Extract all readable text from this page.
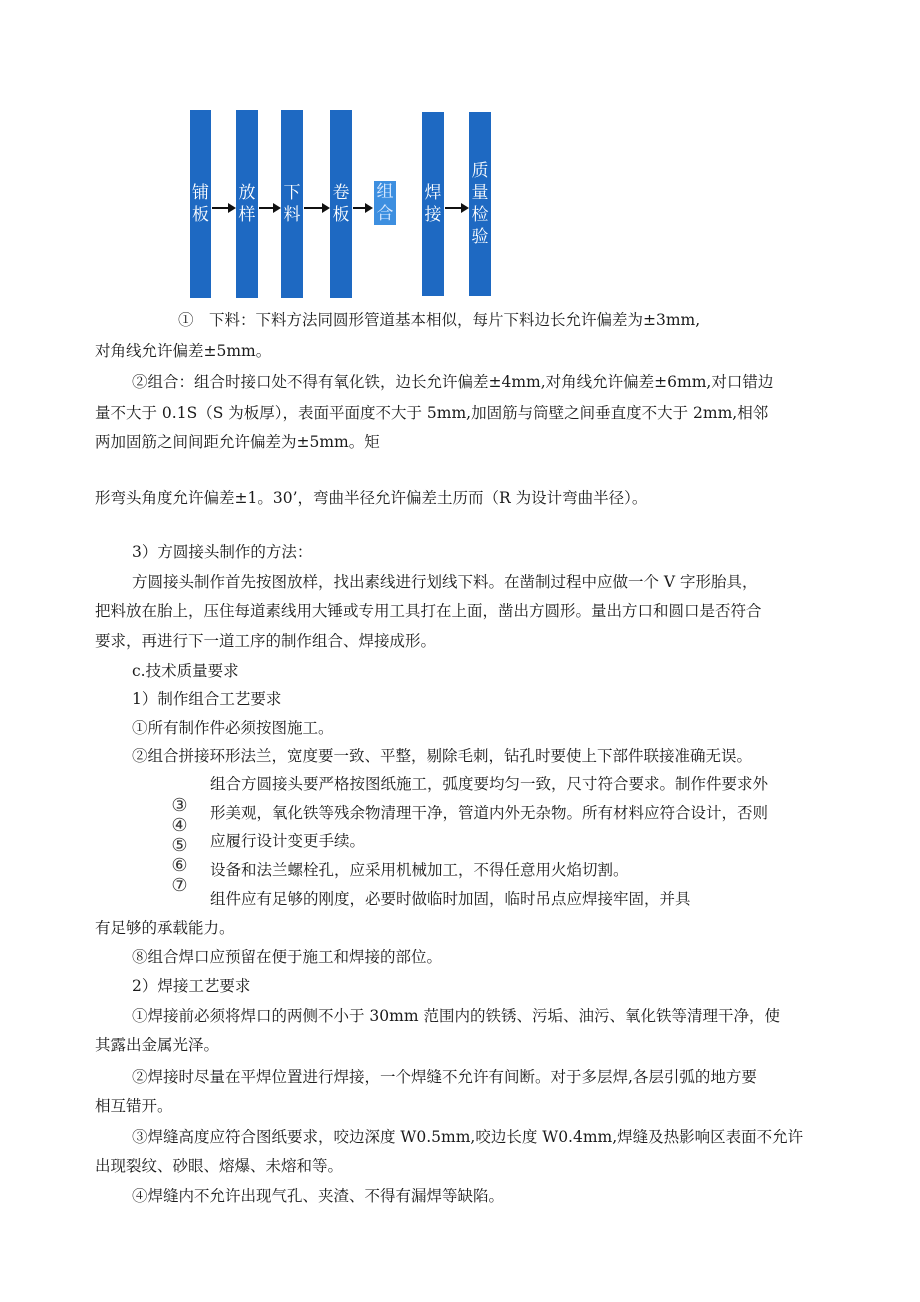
铺板
放样
下料
卷板
组合
焊接
质量检验
①　下料：下料方法同圆形管道基本相似，每片下料边长允许偏差为±3mm,
对角线允许偏差±5mm。
②组合：组合时接口处不得有氧化铁，边长允许偏差±4mm,对角线允许偏差±6mm,对口错边
量不大于 0.1S（S 为板厚），表面平面度不大于 5mm,加固筋与筒壁之间垂直度不大于 2mm,相邻
两加固筋之间间距允许偏差为±5mm。矩
形弯头角度允许偏差±1。30’，弯曲半径允许偏差土历而（R 为设计弯曲半径）。
3）方圆接头制作的方法：
方圆接头制作首先按图放样，找出素线进行划线下料。在凿制过程中应做一个 V 字形胎具，
把料放在胎上，压住每道素线用大锤或专用工具打在上面，凿出方圆形。量出方口和圆口是否符合
要求，再进行下一道工序的制作组合、焊接成形。
c.技术质量要求
1）制作组合工艺要求
①所有制作件必须按图施工。
②组合拼接环形法兰，宽度要一致、平整，剔除毛刺，钻孔时要使上下部件联接准确无误。
③④⑤⑥⑦
组合方圆接头要严格按图纸施工，弧度要均匀一致，尺寸符合要求。制作件要求外
形美观，氧化铁等残余物清理干净，管道内外无杂物。所有材料应符合设计，否则
应履行设计变更手续。
设备和法兰螺栓孔，应采用机械加工，不得任意用火焰切割。
组件应有足够的刚度，必要时做临时加固，临时吊点应焊接牢固，并具
有足够的承载能力。
⑧组合焊口应预留在便于施工和焊接的部位。
2）焊接工艺要求
①焊接前必须将焊口的两侧不小于 30mm 范围内的铁锈、污垢、油污、氧化铁等清理干净，使
其露出金属光泽。
②焊接时尽量在平焊位置进行焊接，一个焊缝不允许有间断。对于多层焊,各层引弧的地方要
相互错开。
③焊缝高度应符合图纸要求，咬边深度 W0.5mm,咬边长度 W0.4mm,焊缝及热影响区表面不允许
出现裂纹、砂眼、熔爆、未熔和等。
④焊缝内不允许出现气孔、夹渣、不得有漏焊等缺陷。
